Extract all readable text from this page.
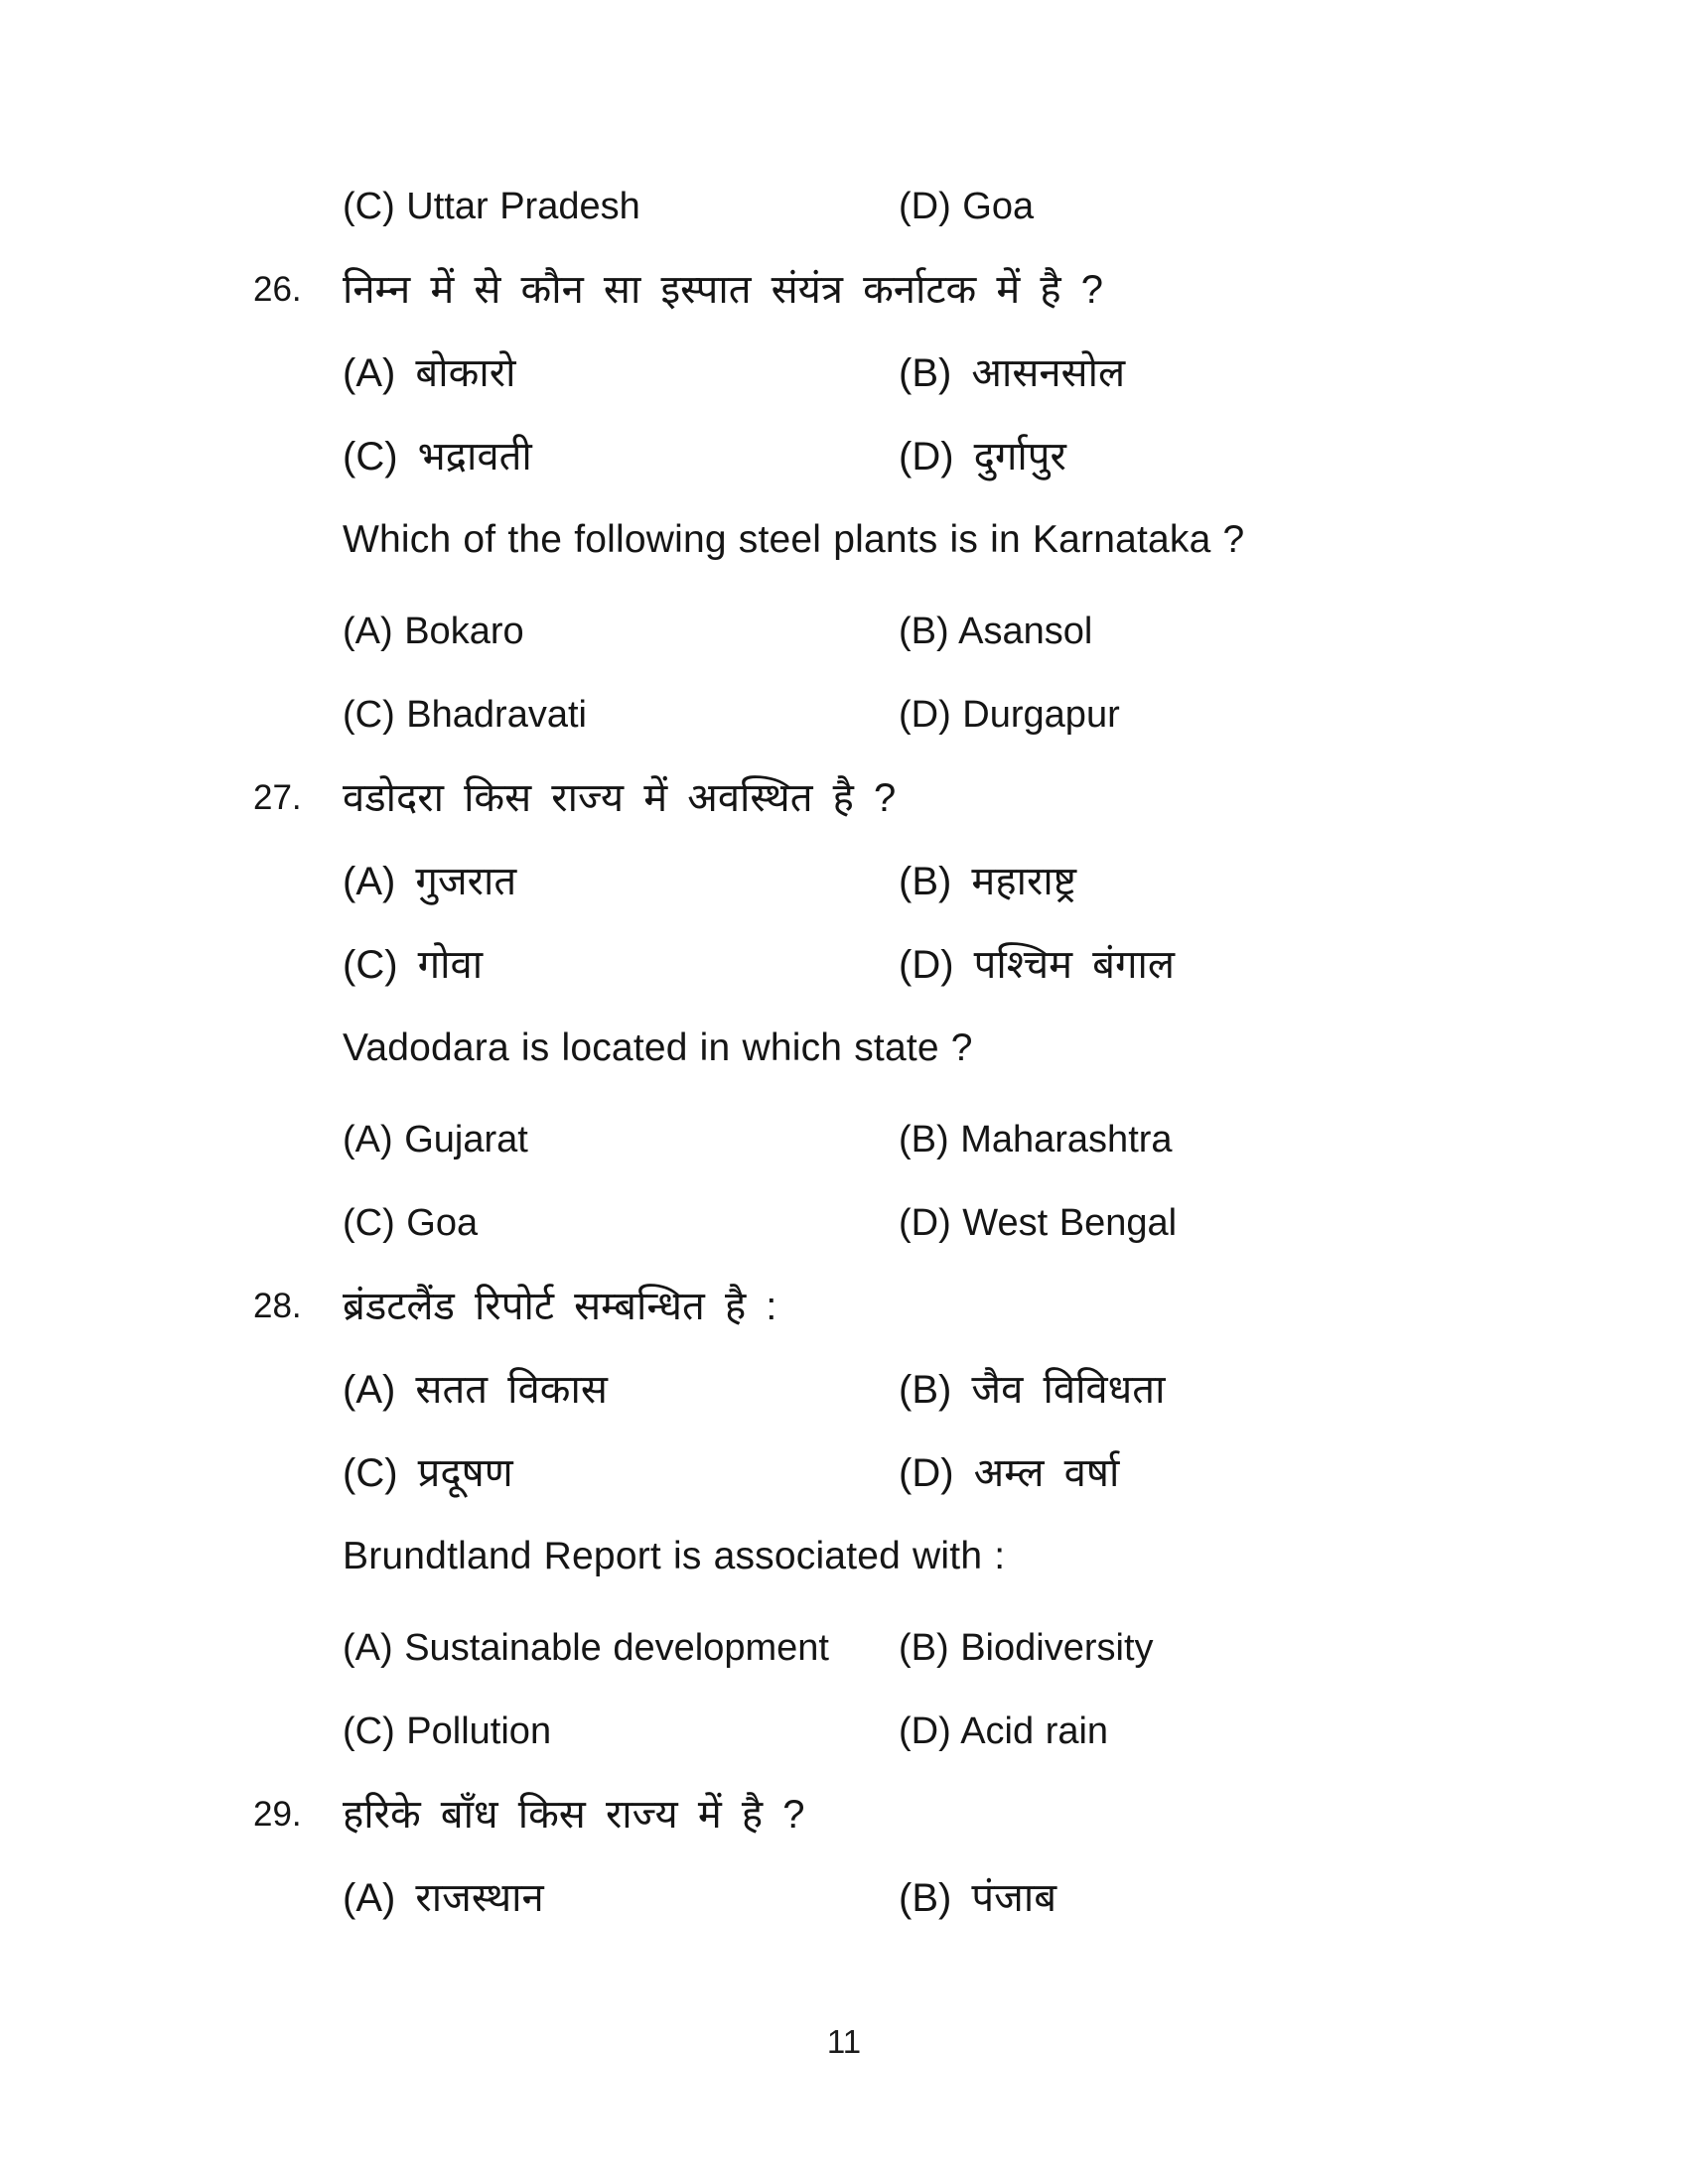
(C) Uttar Pradesh	(D) Goa
26.	निम्न में से कौन सा इस्पात संयंत्र कर्नाटक में है ?
(A) बोकारो	(B) आसनसोल
(C) भद्रावती	(D) दुर्गापुर
Which of the following steel plants is in Karnataka ?
(A) Bokaro	(B) Asansol
(C) Bhadravati	(D) Durgapur
27.	वडोदरा किस राज्य में अवस्थित है ?
(A) गुजरात	(B) महाराष्ट्र
(C) गोवा	(D) पश्चिम बंगाल
Vadodara is located in which state ?
(A) Gujarat	(B) Maharashtra
(C) Goa	(D) West Bengal
28.	ब्रंडटलैंड रिपोर्ट सम्बन्धित है :
(A) सतत विकास	(B) जैव विविधता
(C) प्रदूषण	(D) अम्ल वर्षा
Brundtland Report is associated with :
(A) Sustainable development	(B) Biodiversity
(C) Pollution	(D) Acid rain
29.	हरिके बाँध किस राज्य में है ?
(A) राजस्थान	(B) पंजाब
11
